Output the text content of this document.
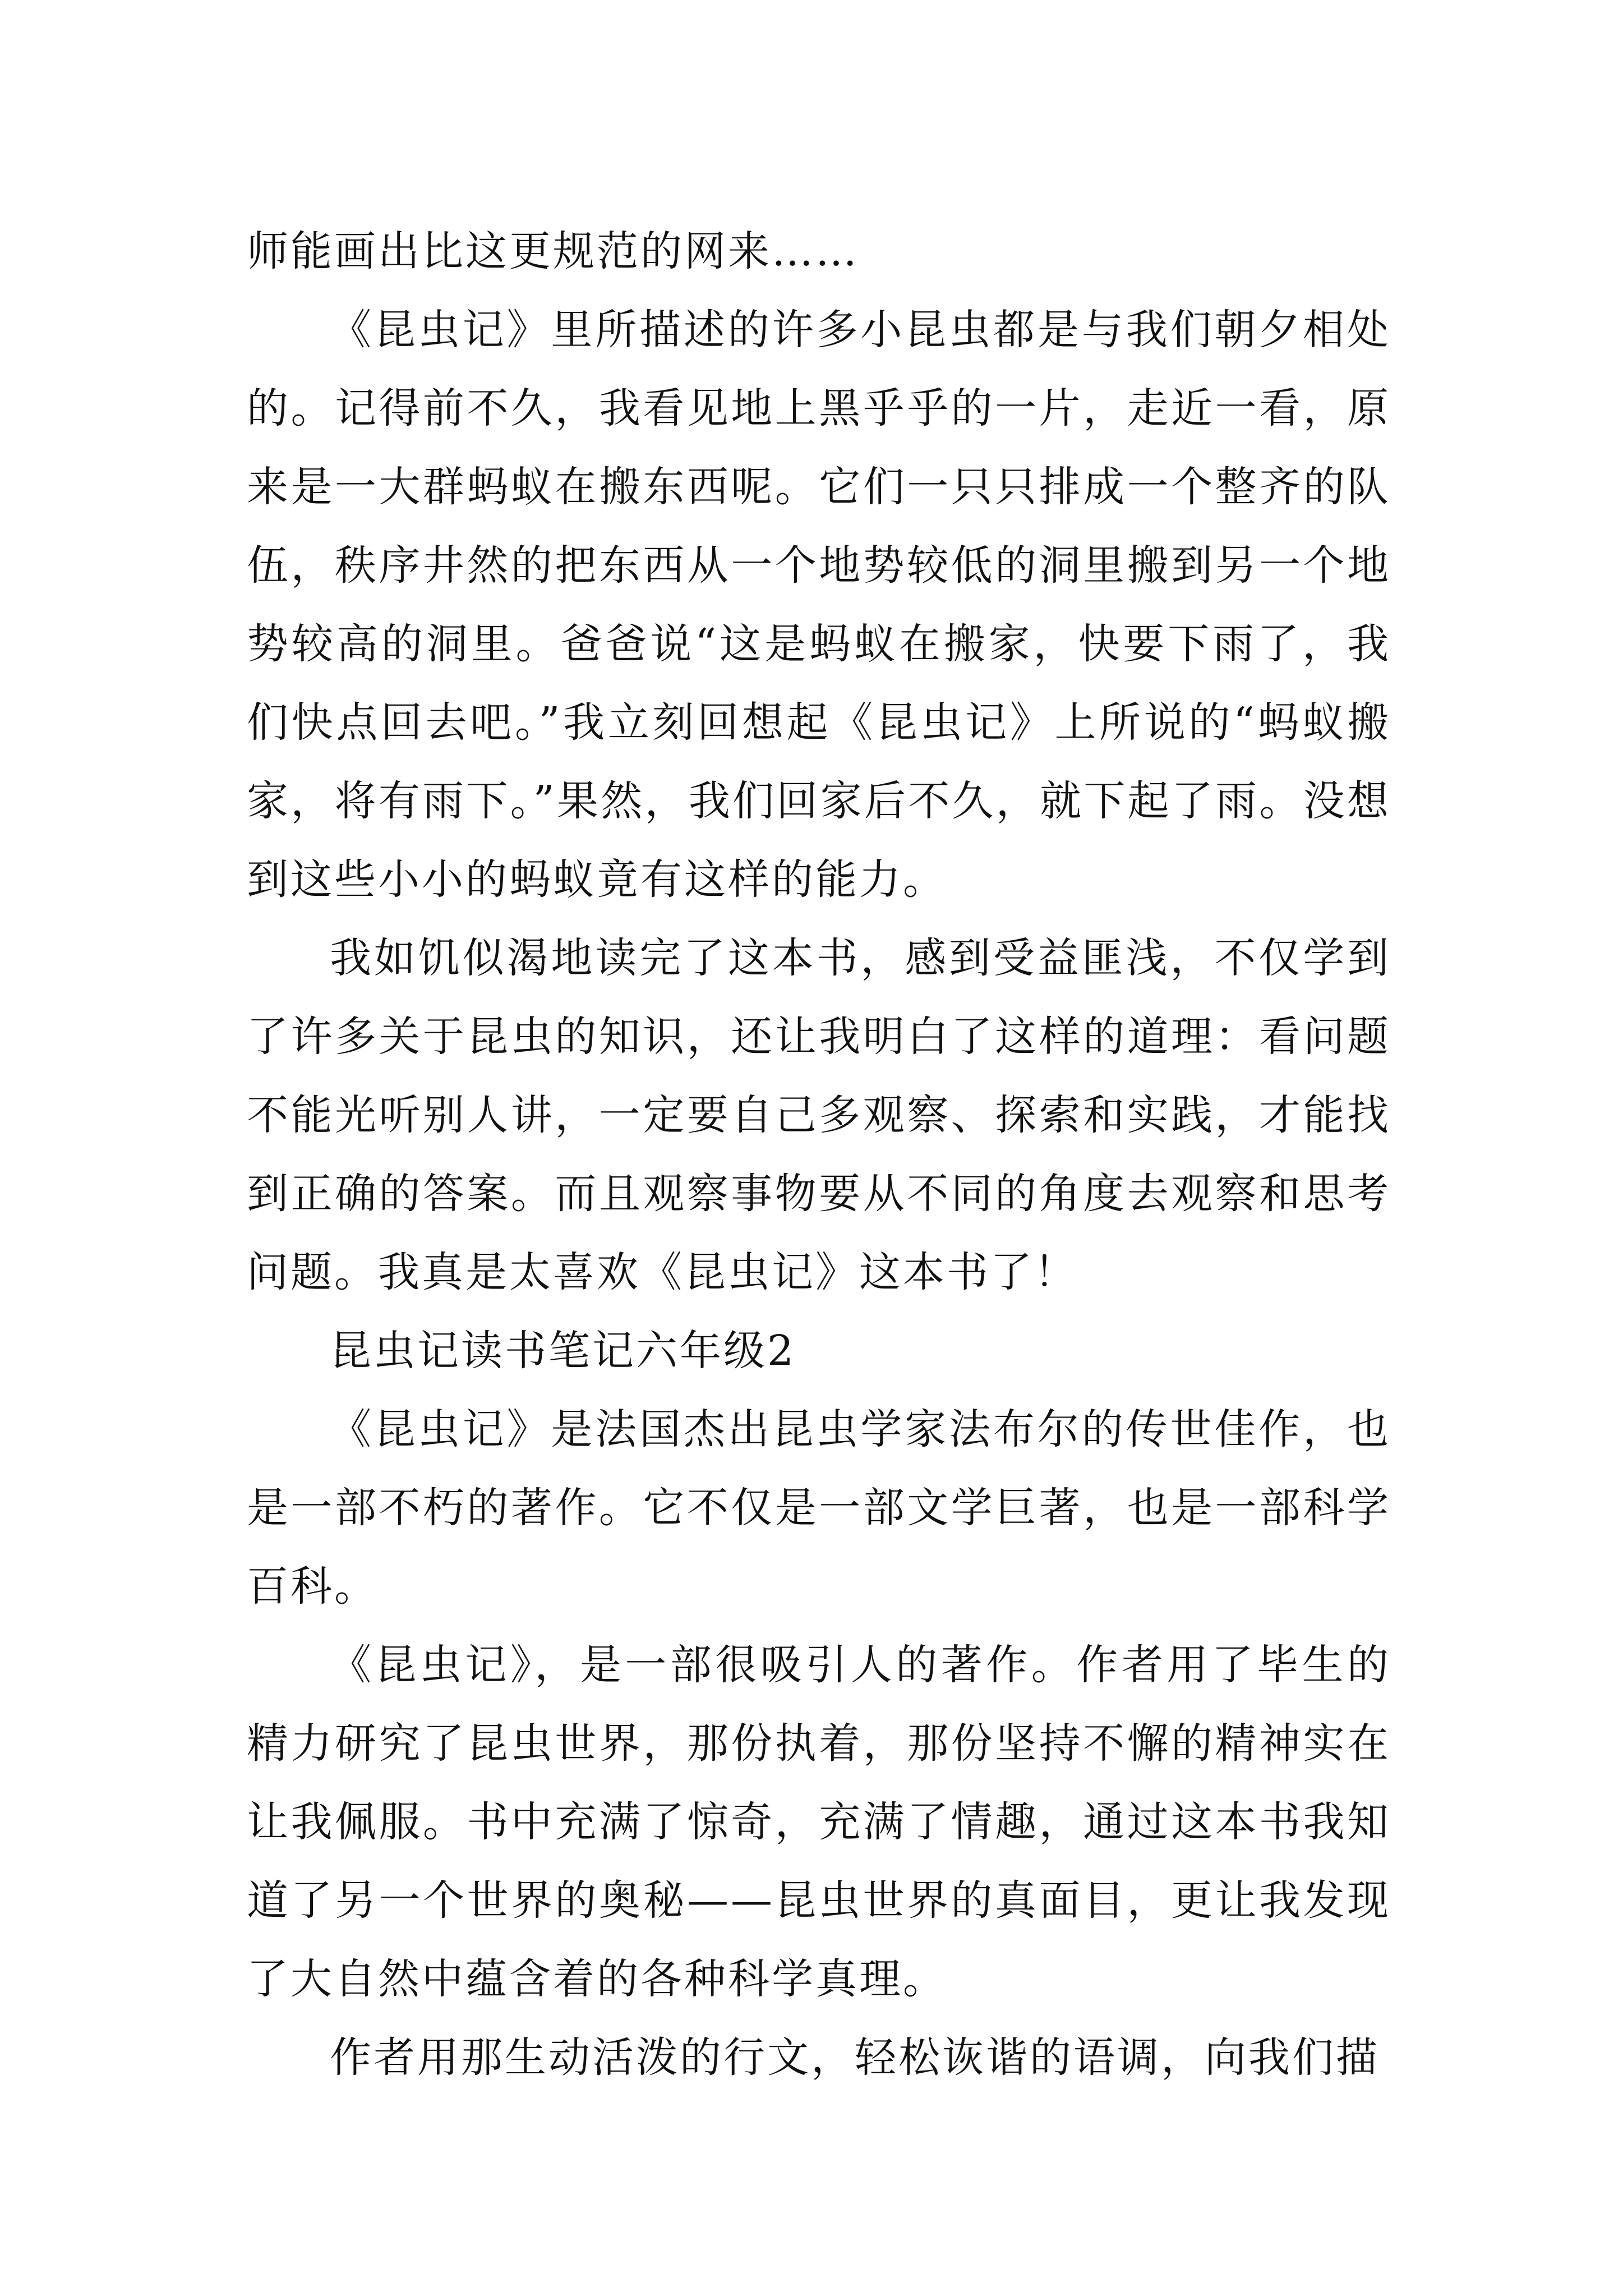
师能画出比这更规范的网来……

《昆虫记》里所描述的许多小昆虫都是与我们朝夕相处的。记得前不久，我看见地上黑乎乎的一片，走近一看，原来是一大群蚂蚁在搬东西呢。它们一只只排成一个整齐的队伍，秩序井然的把东西从一个地势较低的洞里搬到另一个地势较高的洞里。爸爸说“这是蚂蚁在搬家，快要下雨了，我们快点回去吧。”我立刻回想起《昆虫记》上所说的“蚂蚁搬家，将有雨下。”果然，我们回家后不久，就下起了雨。没想到这些小小的蚂蚁竟有这样的能力。

我如饥似渴地读完了这本书，感到受益匪浅，不仅学到了许多关于昆虫的知识，还让我明白了这样的道理：看问题不能光听别人讲，一定要自己多观察、探索和实践，才能找到正确的答案。而且观察事物要从不同的角度去观察和思考问题。我真是太喜欢《昆虫记》这本书了！

昆虫记读书笔记六年级2

《昆虫记》是法国杰出昆虫学家法布尔的传世佳作，也是一部不朽的著作。它不仅是一部文学巨著，也是一部科学百科。

《昆虫记》，是一部很吸引人的著作。作者用了毕生的精力研究了昆虫世界，那份执着，那份坚持不懈的精神实在让我佩服。书中充满了惊奇，充满了情趣，通过这本书我知道了另一个世界的奥秘——昆虫世界的真面目，更让我发现了大自然中蕴含着的各种科学真理。

作者用那生动活泼的行文，轻松诙谐的语调，向我们描
